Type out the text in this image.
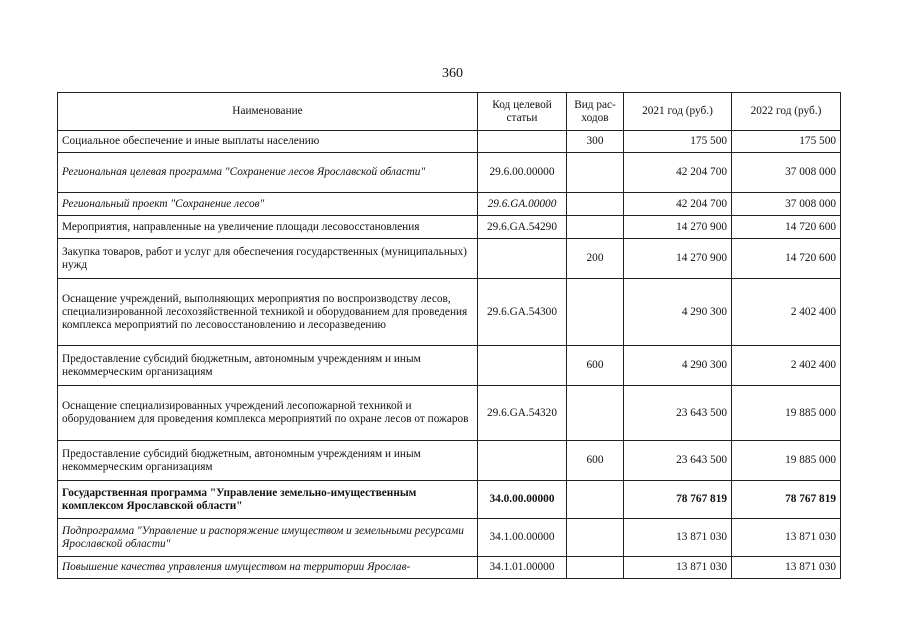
360
Наименование	Код целевой статьи	Вид рас- ходов	2021 год (руб.)	2022 год (руб.)
Социальное обеспечение и иные выплаты населению		300	175 500	175 500
Региональная целевая программа "Сохранение лесов Ярославской области"	29.6.00.00000		42 204 700	37 008 000
Региональный проект "Сохранение лесов"	29.6.GA.00000		42 204 700	37 008 000
Мероприятия, направленные на увеличение площади лесовосстановления	29.6.GA.54290		14 270 900	14 720 600
Закупка товаров, работ и услуг для обеспечения государственных (муниципальных) нужд		200	14 270 900	14 720 600
Оснащение учреждений, выполняющих мероприятия по воспроизводству лесов, специализированной лесохозяйственной техникой и оборудованием для проведения комплекса мероприятий по лесовосстановлению и лесоразведению	29.6.GA.54300		4 290 300	2 402 400
Предоставление субсидий бюджетным, автономным учреждениям и иным некоммерческим организациям		600	4 290 300	2 402 400
Оснащение специализированных учреждений лесопожарной техникой и оборудованием для проведения комплекса мероприятий по охране лесов от пожаров	29.6.GA.54320		23 643 500	19 885 000
Предоставление субсидий бюджетным, автономным учреждениям и иным некоммерческим организациям		600	23 643 500	19 885 000
Государственная программа "Управление земельно-имущественным комплексом Ярославской области"	34.0.00.00000		78 767 819	78 767 819
Подпрограмма "Управление и распоряжение имуществом и земельными ресурсами Ярославской области"	34.1.00.00000		13 871 030	13 871 030
Повышение качества управления имуществом на территории Ярослав-	34.1.01.00000		13 871 030	13 871 030
